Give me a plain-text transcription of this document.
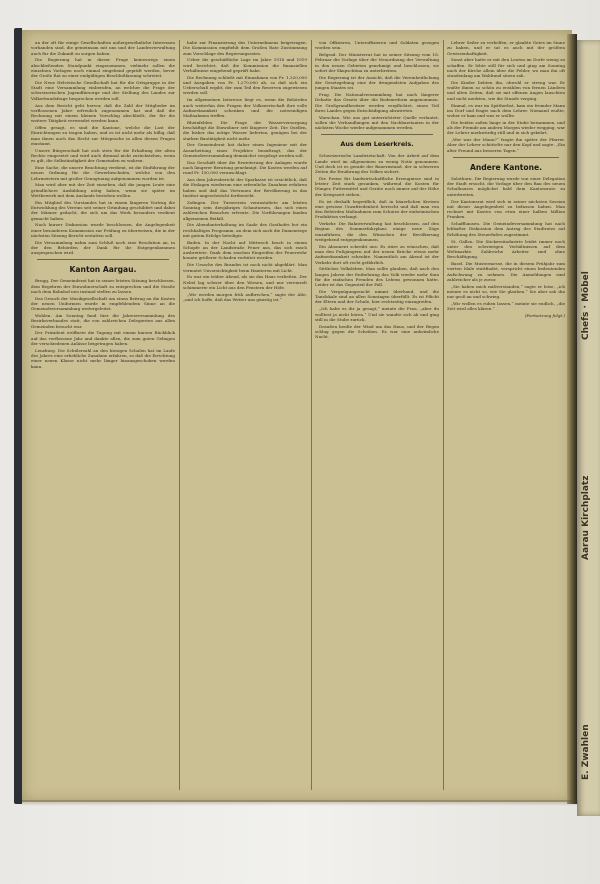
Chefs · Möbel
Aarau Kirchplatz
E. Zwahlen

an der oft für einige Gesellschaften außergewöhnliche Interessen vorhanden sind, die gemeinsam mit uns und der Landesverwaltung auch für die Zukunft zu sorgen haben.

Die Regierung hat in dieser Frage keineswegs einen abschließenden Standpunkt eingenommen, vielmehr sollen die einzelnen Vorlagen noch einmal eingehend geprüft werden, bevor der Große Rat zu einer endgültigen Beschlußfassung schreitet.

Die Neue Helvetische Gesellschaft hat für die Ortsgruppe in der Stadt eine Versammlung einberufen, an welcher die Frage der schweizerischen Jugendfürsorge und der Stellung des Landes zur Völkerbundsfrage besprochen werden soll.

Aus dem Bericht geht hervor, daß die Zahl der Mitglieder im verflossenen Jahre erfreulich zugenommen hat und daß die Rechnung mit einem kleinen Vorschlag abschließt, der für die weitere Tätigkeit verwendet werden kann.

Offen gesagt, es sind die Kantone, welche die Last der Einrichtungen zu tragen haben, und es ist nicht mehr als billig, daß man ihnen auch das Recht zur Mitsprache in allen diesen Fragen einräumt.

Unsere Bürgerschaft hat sich stets für die Erhaltung der alten Rechte eingesetzt und wird auch diesmal nicht zurückstehen, wenn es gilt, die Selbständigkeit der Gemeinden zu wahren.

Eine Sache, die unsere Beachtung verdient, ist die Einführung der neuen Ordnung für die Gewerbeschulen, welche von den Lehrmeistern mit großer Genugtuung aufgenommen worden ist.

Man wird aber mit der Zeit einsehen, daß die jungen Leute eine gründlichere Ausbildung nötig haben, wenn sie später im Wettbewerb mit dem Auslande bestehen wollen.

Ein Mitglied des Vorstandes hat in einem längeren Vortrag die Entwicklung des Vereins seit seiner Gründung geschildert und dabei der Männer gedacht, die sich um das Werk besonders verdient gemacht haben.

Nach kurzer Diskussion wurde beschlossen, die Angelegenheit einer besonderen Kommission zur Prüfung zu überweisen, die in der nächsten Sitzung Bericht erstatten soll.

Die Versammlung nahm zum Schluß noch eine Resolution an, in der den Behörden der Dank für ihr Entgegenkommen ausgesprochen wird.

Kanton Aargau.

Brugg. Der Gemeinderat hat in seiner letzten Sitzung beschlossen, dem Begehren der Einwohnerschaft zu entsprechen und die Straße nach dem Bahnhof neu instand stellen zu lassen.

Das Gesuch der Musikgesellschaft um einen Beitrag an die Kosten der neuen Uniformen wurde in empfehlendem Sinne an die Gemeindeversammlung weitergeleitet.

Wohlen. Am Sonntag fand hier die Jahresversammlung des Bezirksverbandes statt, die von zahlreichen Delegierten aus allen Gemeinden besucht war.

Der Präsident eröffnete die Tagung mit einem kurzen Rückblick auf das verflossene Jahr und dankte allen, die zum guten Gelingen der verschiedenen Anlässe beigetragen haben.

Lenzburg. Die Schülerzahl an den hiesigen Schulen hat im Laufe des Jahres eine erhebliche Zunahme erfahren, so daß die Errichtung einer neuen Klasse nicht mehr länger hinausgeschoben werden kann.

habe zur Finanzierung des Unternehmens beigetragen. Die Kommission empfiehlt dem Großen Rate Zustimmung zum Vorschlage des Regierungsrates.

Ueber die geschäftliche Lage im Jahre 1918 und 1919 wird berichtet, daß die Kommission die finanziellen Verhältnisse eingehend geprüft habe.

Die Rechnung schließt mit Einnahmen von Fr. 1,320,000 und Ausgaben von Fr. 1,270,000 ab, so daß sich ein Ueberschuß ergibt, der zum Teil den Reserven zugewiesen werden soll.

Im allgemeinen Interesse liegt es, wenn die Behörden auch weiterhin den Fragen der Volkswirtschaft ihre volle Aufmerksamkeit schenken und die notwendigen Maßnahmen treffen.

Rheinfelden. Die Frage der Wasserversorgung beschäftigt die Einwohner seit längerer Zeit. Die Quellen, die bisher das nötige Wasser lieferten, genügen bei der starken Bautätigkeit nicht mehr.

Der Gemeinderat hat daher einen Ingenieur mit der Ausarbeitung eines Projektes beauftragt, das der Gemeindeversammlung demnächst vorgelegt werden soll.

Das Geschäft über die Erweiterung der Anlagen wurde nach längerer Beratung genehmigt. Die Kosten werden auf rund Fr. 150,000 veranschlagt.

Aus dem Jahresbericht der Sparkasse ist ersichtlich, daß die Einlagen wiederum eine erfreuliche Zunahme erfahren haben und daß das Vertrauen der Bevölkerung in das Institut ungeschwächt fortbesteht.

Zofingen. Der Turnverein veranstaltete am letzten Sonntag sein diesjähriges Schauturnen, das sich eines zahlreichen Besuches erfreute. Die Vorführungen fanden allgemeinen Beifall.

Die Abendunterhaltung im Saale des Gasthofes bot ein reichhaltiges Programm, an dem sich auch die Damenriege mit gutem Erfolge beteiligte.

Baden. In der Nacht auf Mittwoch brach in einem Schopfe an der Landstraße Feuer aus, das sich rasch ausbreitete. Dank dem raschen Eingreifen der Feuerwehr konnte größerer Schaden verhütet werden.

Die Ursache des Brandes ist noch nicht abgeklärt. Man vermutet Unvorsichtigkeit beim Hantieren mit Licht.

Es war ein trüber Abend, als sie das Haus verließen. Der Nebel lag schwer über den Wiesen, und nur vereinzelt schimmerte ein Licht aus den Fenstern der Höfe.

„Wir werden morgen früh aufbrechen,“ sagte der Alte, „und ich hoffe, daß das Wetter uns günstig ist.“

von Offizieren, Unteroffizieren und Soldaten gezogen worden sein.

Belgrad. Der Ministerrat hat in seiner Sitzung vom 18. Februar die Vorlage über die Neuordnung der Verwaltung in den neuen Gebieten genehmigt und beschlossen, sie sofort der Skupschtina zu unterbreiten.

Die Regierung ist der Ansicht, daß die Vereinheitlichung der Gesetzgebung eine der dringendsten Aufgaben des jungen Staates sei.

Prag. Die Nationalversammlung hat nach längerer Debatte das Gesetz über die Bodenreform angenommen. Die Großgrundbesitzer werden verpflichtet, einen Teil ihres Landes gegen Entschädigung abzutreten.

Warschau. Wie aus gut unterrichteter Quelle verlautet, sollen die Verhandlungen mit den Nachbarstaaten in der nächsten Woche wieder aufgenommen werden.

Aus dem Leserkreis.

Schweizerische Landwirtschaft. Von der Arbeit auf dem Lande wird im allgemeinen zu wenig Notiz genommen. Und doch ist es gerade der Bauernstand, der in schweren Zeiten die Ernährung des Volkes sichert.

Die Preise für landwirtschaftliche Erzeugnisse sind in letzter Zeit stark gesunken, während die Kosten für Dünger, Futtermittel und Geräte noch immer auf der Höhe der Kriegszeit stehen.

Es ist deshalb begreiflich, daß in bäuerlichen Kreisen eine gewisse Unzufriedenheit herrscht und daß man von den Behörden Maßnahmen zum Schutze der einheimischen Produktion verlangt.

Verkehr. Die Bahnverwaltung hat beschlossen, auf den Beginn des Sommerfahrplans einige neue Züge einzuführen, die den Wünschen der Bevölkerung weitgehend entgegenkommen.

Ein Abonnent schreibt uns: Es wäre zu wünschen, daß man den Fußgängern auf der neuen Brücke etwas mehr Aufmerksamkeit schenkte. Namentlich am Abend ist der Verkehr dort oft recht gefährlich.

Sittliches Volksleben. Man sollte glauben, daß nach den langen Jahren der Entbehrung das Volk wieder mehr Sinn für die einfachen Freuden des Lebens gewonnen hätte. Leider ist das Gegenteil der Fall.

Die Vergnügungssucht nimmt überhand, und die Tanzlokale sind an allen Sonntagen überfüllt. Es ist Pflicht der Eltern und der Schule, hier rechtzeitig einzugreifen.

„Ich habe es dir ja gesagt,“ meinte die Frau, „aber du wolltest ja nicht hören.“ Und sie wandte sich ab und ging still in die Stube zurück.

Draußen heulte der Wind um das Haus, und der Regen schlug gegen die Scheiben. Es war eine unheimliche Nacht.

Lehrer Seiler zu verhelfen, er glaubte Gutes im Sinne zu haben, und er tat es auch mit der größten Gewissenhaftigkeit.

Sonst aber hatte er mit den Leuten im Dorfe wenig zu schaffen. Er lebte still für sich und ging am Sonntag nach der Kirche allein über die Felder, wo man ihn oft stundenlang am Waldrand sitzen sah.

Die Kinder liebten ihn, obwohl er streng war. Er wußte ihnen so schön zu erzählen von fernen Ländern und alten Zeiten, daß sie mit offenen Augen lauschten und nicht merkten, wie die Stunde verging.

Einmal, es war im Spätherbst, kam ein fremder Mann ins Dorf und fragte nach dem Lehrer. Niemand wußte, woher er kam und was er wollte.

Die beiden saßen lange in der Stube beisammen, und als der Fremde am andern Morgen wieder wegging, war der Lehrer merkwürdig still und in sich gekehrt.

„Wer war der Mann?“ fragte ihn später der Pfarrer. Aber der Lehrer schüttelte nur den Kopf und sagte: „Ein alter Freund aus besseren Tagen.“

Andere Kantone.

Solothurn. Die Regierung wurde von einer Delegation der Stadt ersucht, die Vorlage über den Bau des neuen Schulhauses möglichst bald dem Kantonsrate zu unterbreiten.

Der Kantonsrat wird sich in seiner nächsten Session mit dieser Angelegenheit zu befassen haben. Man rechnet mit Kosten von etwa einer halben Million Franken.

Schaffhausen. Die Gemeindeversammlung hat nach lebhafter Diskussion dem Antrag des Stadtrates auf Erhöhung des Steuerfußes zugestimmt.

St. Gallen. Die Stickereiindustrie leidet immer noch unter den schwierigen Verhältnissen auf dem Weltmarkte. Zahlreiche Arbeiter sind ohne Beschäftigung.

Basel. Die Mustermesse, die in diesem Frühjahr zum vierten Male stattfindet, verspricht einen bedeutenden Aufschwung zu nehmen. Die Anmeldungen sind zahlreicher als je zuvor.

„Sie haben mich mißverstanden,“ sagte er leise, „ich meinte es nicht so, wie Sie glauben.“ Sie aber sah ihn nur groß an und schwieg.

„Wir wollen es ruhen lassen,“ meinte sie endlich, „die Zeit wird alles klären.“

(Fortsetzung folgt.)
